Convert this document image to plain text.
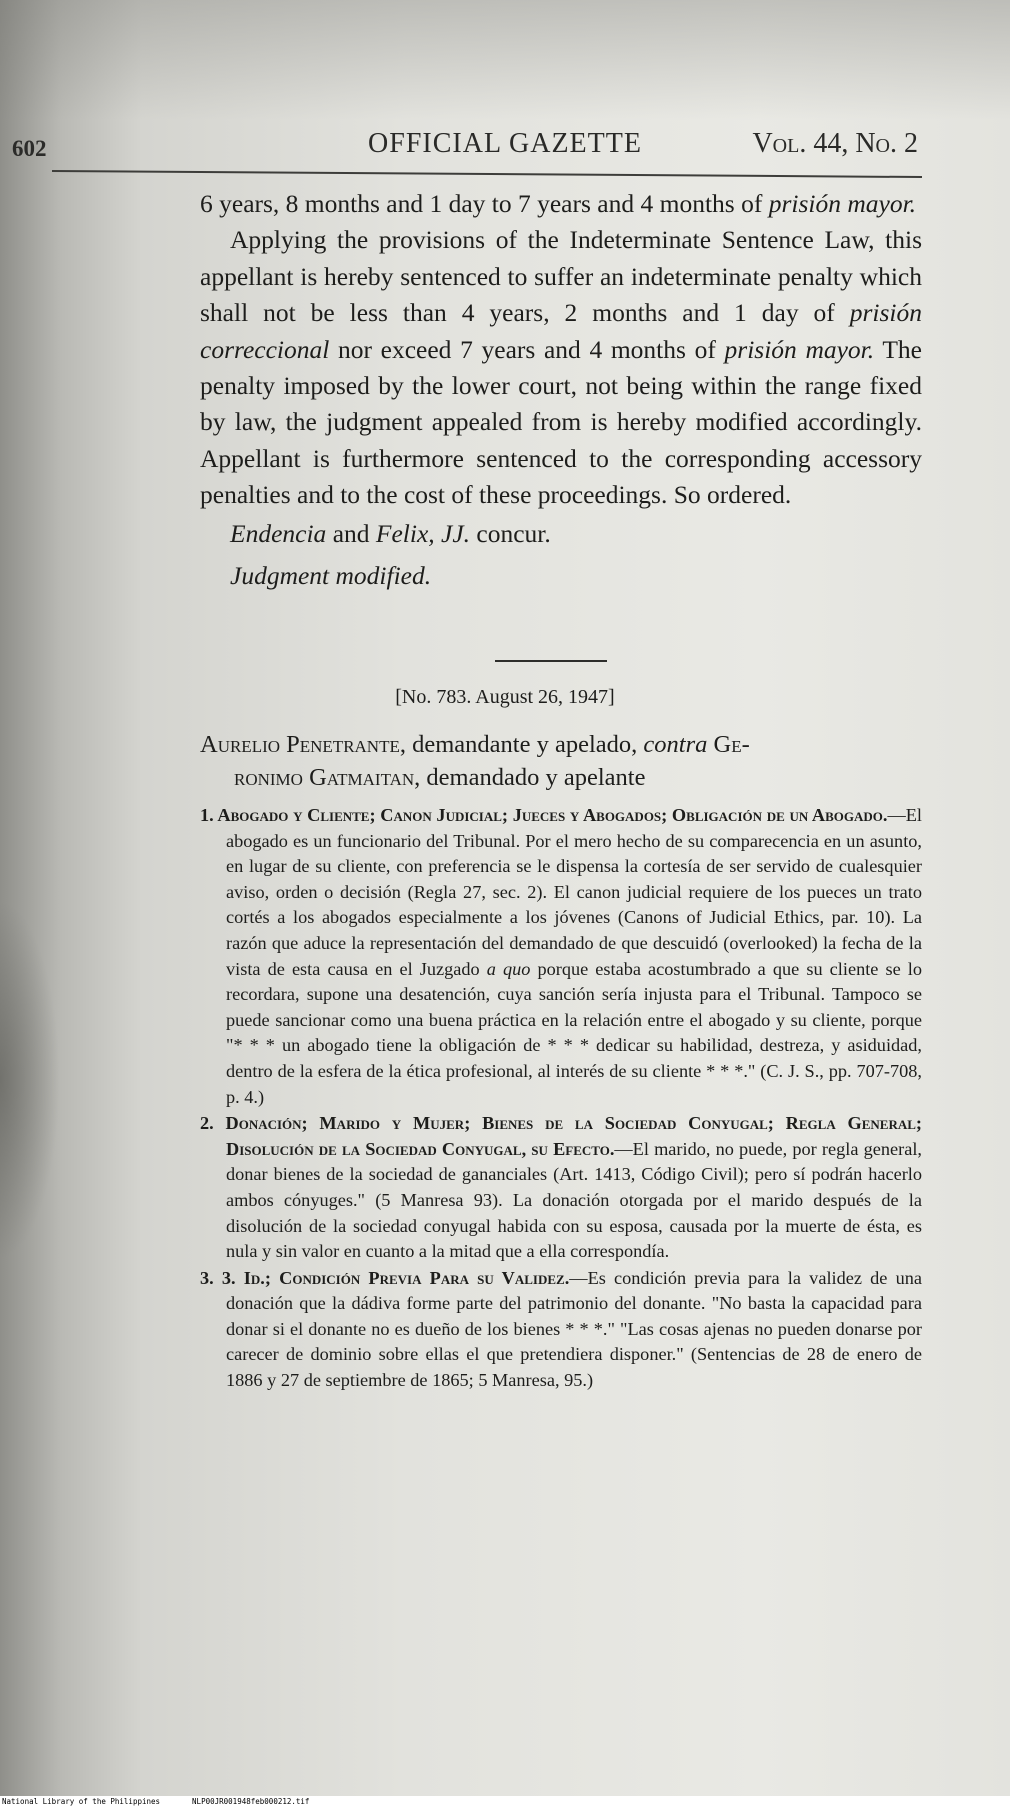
602	OFFICIAL GAZETTE	Vol. 44, No. 2

6 years, 8 months and 1 day to 7 years and 4 months of prisión mayor.

Applying the provisions of the Indeterminate Sentence Law, this appellant is hereby sentenced to suffer an indeterminate penalty which shall not be less than 4 years, 2 months and 1 day of prisión correccional nor exceed 7 years and 4 months of prisión mayor. The penalty imposed by the lower court, not being within the range fixed by law, the judgment appealed from is hereby modified accordingly. Appellant is furthermore sentenced to the corresponding accessory penalties and to the cost of these proceedings. So ordered.

Endencia and Felix, JJ. concur.

Judgment modified.

[No. 783. August 26, 1947]
Aurelio Penetrante, demandante y apelado, contra Ge-
ronimo Gatmaitan, demandado y apelante

1. Abogado y Cliente; Canon Judicial; Jueces y Abogados; Obligación de un Abogado.—El abogado es un funcionario del Tribunal. Por el mero hecho de su comparecencia en un asunto, en lugar de su cliente, con preferencia se le dispensa la cortesía de ser servido de cualesquier aviso, orden o decisión (Regla 27, sec. 2). El canon judicial requiere de los pueces un trato cortés a los abogados especialmente a los jóvenes (Canons of Judicial Ethics, par. 10). La razón que aduce la representación del demandado de que descuidó (overlooked) la fecha de la vista de esta causa en el Juzgado a quo porque estaba acostumbrado a que su cliente se lo recordara, supone una desatención, cuya sanción sería injusta para el Tribunal. Tampoco se puede sancionar como una buena práctica en la relación entre el abogado y su cliente, porque "* * * un abogado tiene la obligación de * * * dedicar su habilidad, destreza, y asiduidad, dentro de la esfera de la ética profesional, al interés de su cliente * * *." (C. J. S., pp. 707-708, p. 4.)

2. Donación; Marido y Mujer; Bienes de la Sociedad Conyugal; Regla General; Disolución de la Sociedad Conyugal, su Efecto.—El marido, no puede, por regla general, donar bienes de la sociedad de gananciales (Art. 1413, Código Civil); pero sí podrán hacerlo ambos cónyuges." (5 Manresa 93). La donación otorgada por el marido después de la disolución de la sociedad conyugal habida con su esposa, causada por la muerte de ésta, es nula y sin valor en cuanto a la mitad que a ella correspondía.

3. 3. Id.; Condición Previa Para su Validez.—Es condición previa para la validez de una donación que la dádiva forme parte del patrimonio del donante. "No basta la capacidad para donar si el donante no es dueño de los bienes * * *." "Las cosas ajenas no pueden donarse por carecer de dominio sobre ellas el que pretendiera disponer." (Sentencias de 28 de enero de 1886 y 27 de septiembre de 1865; 5 Manresa, 95.)

National Library of the Philippines	NLP00JR001948feb000212.tif
